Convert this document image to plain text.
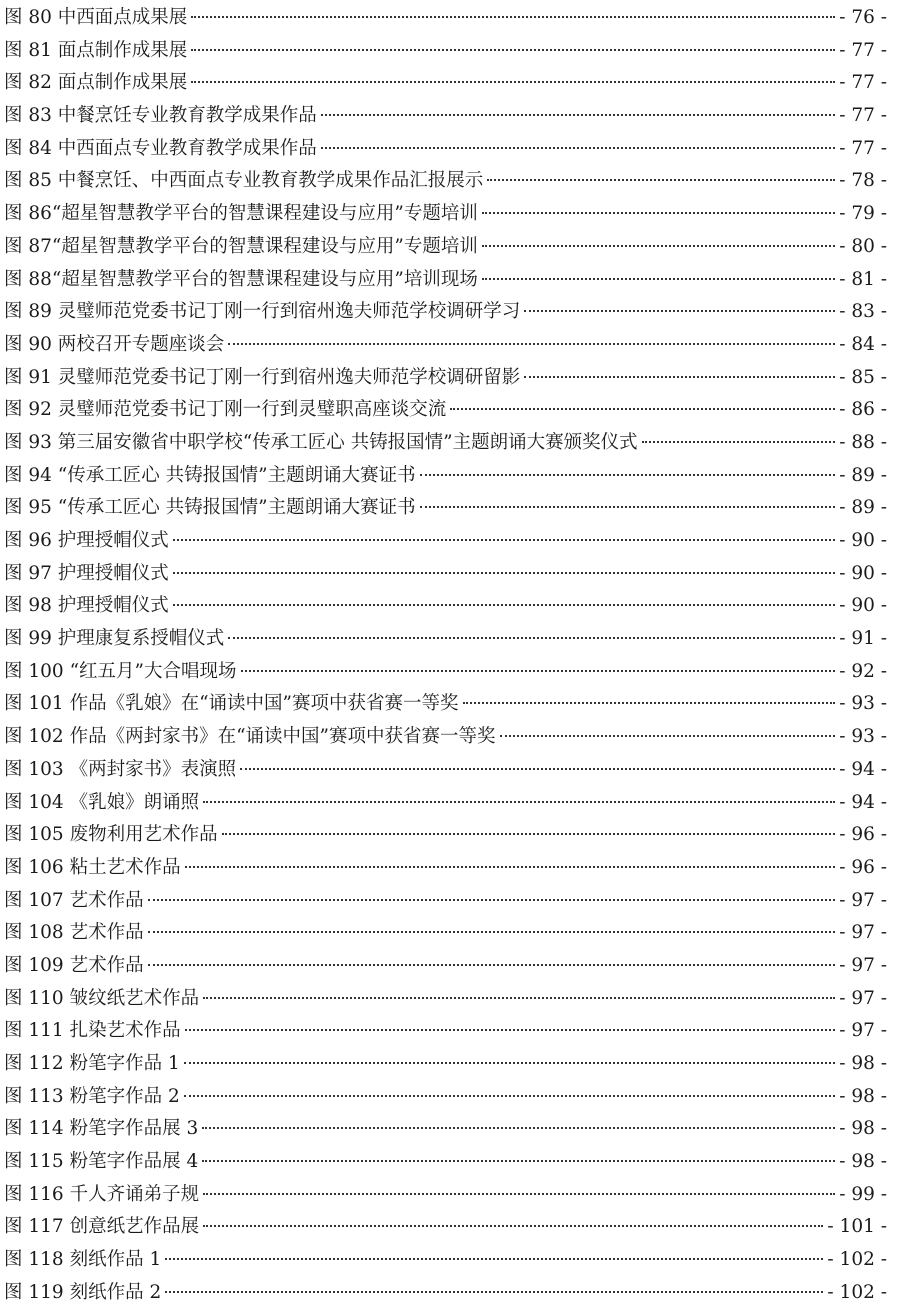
图 80 中西面点成果展	- 76 -
图 81 面点制作成果展	- 77 -
图 82 面点制作成果展	- 77 -
图 83 中餐烹饪专业教育教学成果作品	- 77 -
图 84 中西面点专业教育教学成果作品	- 77 -
图 85 中餐烹饪、中西面点专业教育教学成果作品汇报展示	- 78 -
图 86“超星智慧教学平台的智慧课程建设与应用”专题培训	- 79 -
图 87“超星智慧教学平台的智慧课程建设与应用”专题培训	- 80 -
图 88“超星智慧教学平台的智慧课程建设与应用”培训现场	- 81 -
图 89 灵璧师范党委书记丁刚一行到宿州逸夫师范学校调研学习	- 83 -
图 90 两校召开专题座谈会	- 84 -
图 91 灵璧师范党委书记丁刚一行到宿州逸夫师范学校调研留影	- 85 -
图 92 灵璧师范党委书记丁刚一行到灵璧职高座谈交流	- 86 -
图 93 第三届安徽省中职学校“传承工匠心 共铸报国情”主题朗诵大赛颁奖仪式	- 88 -
图 94 “传承工匠心 共铸报国情”主题朗诵大赛证书	- 89 -
图 95 “传承工匠心 共铸报国情”主题朗诵大赛证书	- 89 -
图 96 护理授帽仪式	- 90 -
图 97 护理授帽仪式	- 90 -
图 98 护理授帽仪式	- 90 -
图 99 护理康复系授帽仪式	- 91 -
图 100 “红五月”大合唱现场	- 92 -
图 101 作品《乳娘》在“诵读中国”赛项中获省赛一等奖	- 93 -
图 102 作品《两封家书》在“诵读中国”赛项中获省赛一等奖	- 93 -
图 103 《两封家书》表演照	- 94 -
图 104 《乳娘》朗诵照	- 94 -
图 105 废物利用艺术作品	- 96 -
图 106 粘土艺术作品	- 96 -
图 107 艺术作品	- 97 -
图 108 艺术作品	- 97 -
图 109 艺术作品	- 97 -
图 110 皱纹纸艺术作品	- 97 -
图 111 扎染艺术作品	- 97 -
图 112 粉笔字作品 1	- 98 -
图 113 粉笔字作品 2	- 98 -
图 114 粉笔字作品展 3	- 98 -
图 115 粉笔字作品展 4	- 98 -
图 116 千人齐诵弟子规	- 99 -
图 117 创意纸艺作品展	- 101 -
图 118 刻纸作品 1	- 102 -
图 119 刻纸作品 2	- 102 -
